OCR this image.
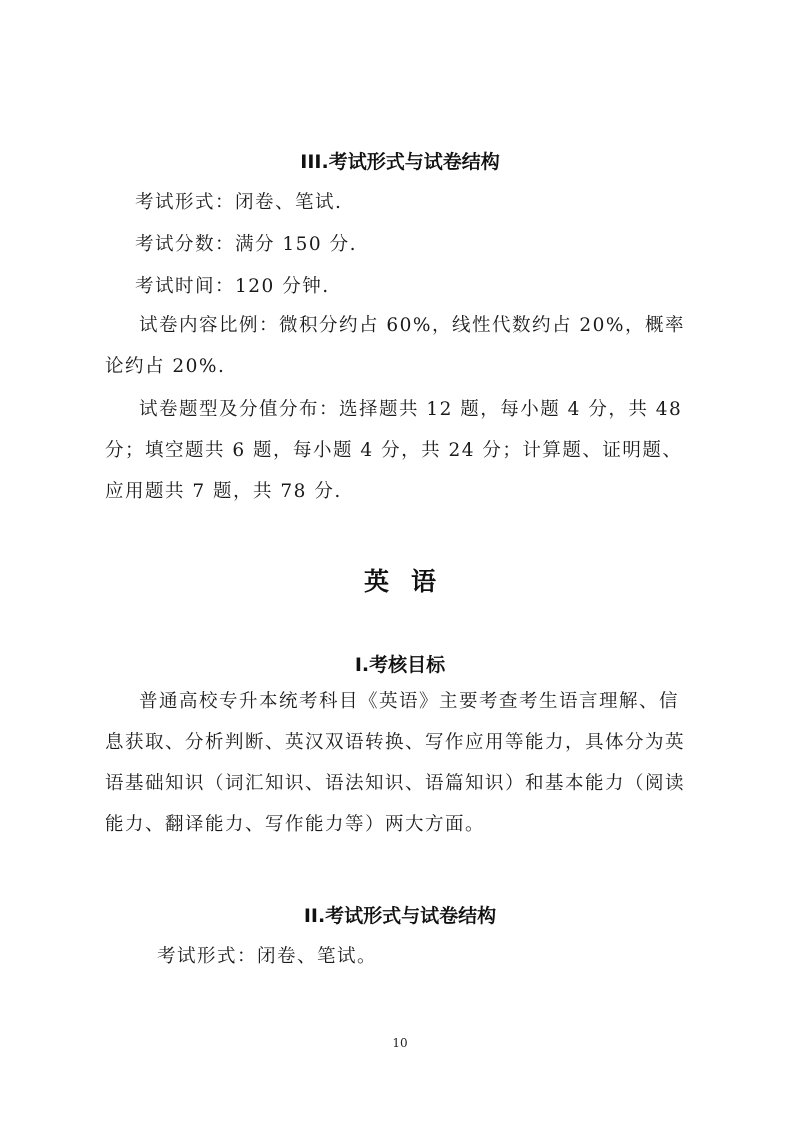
III.考试形式与试卷结构
考试形式：闭卷、笔试.
考试分数：满分 150 分.
考试时间：120 分钟.
试卷内容比例：微积分约占 60%，线性代数约占 20%，概率论约占 20%.
试卷题型及分值分布：选择题共 12 题，每小题 4 分，共 48 分；填空题共 6 题，每小题 4 分，共 24 分；计算题、证明题、应用题共 7 题，共 78 分.
英语
I.考核目标
普通高校专升本统考科目《英语》主要考查考生语言理解、信息获取、分析判断、英汉双语转换、写作应用等能力，具体分为英语基础知识（词汇知识、语法知识、语篇知识）和基本能力（阅读能力、翻译能力、写作能力等）两大方面。
II.考试形式与试卷结构
考试形式：闭卷、笔试。
10
